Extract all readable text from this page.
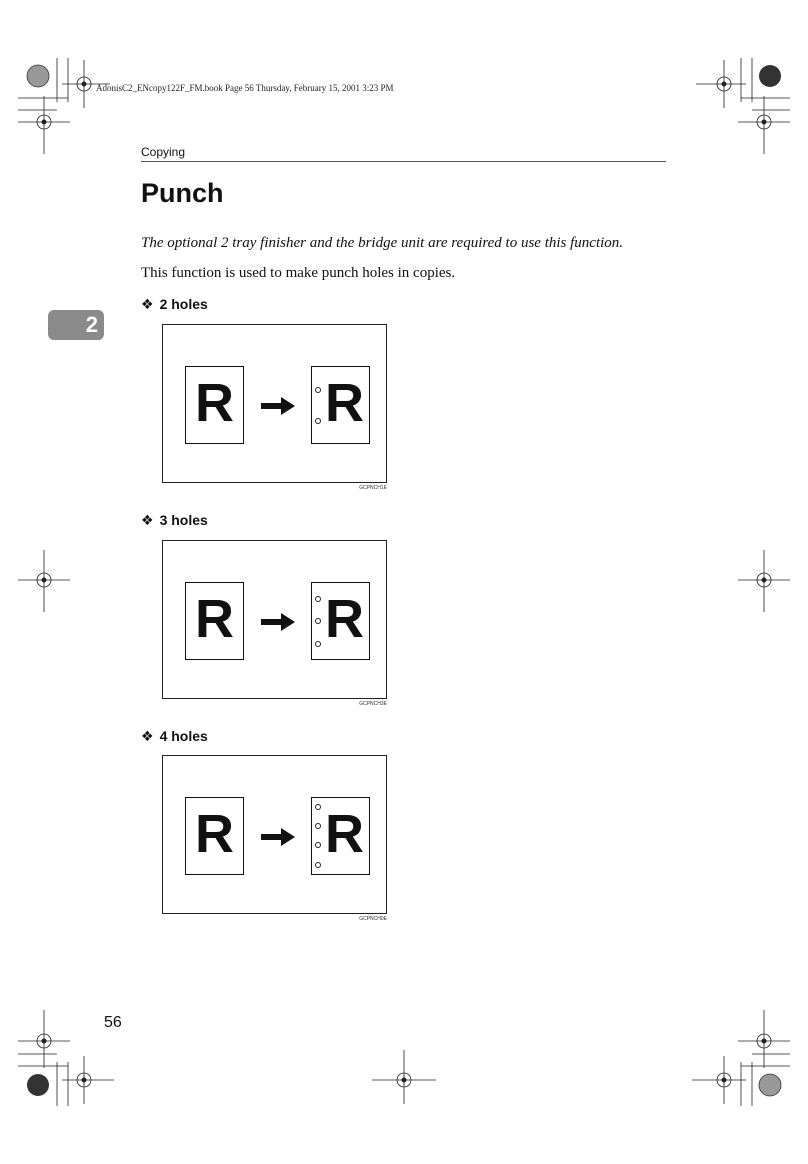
AdonisC2_ENcopy122F_FM.book Page 56 Thursday, February 15, 2001 3:23 PM
Copying
Punch
The optional 2 tray finisher and the bridge unit are required to use this function.
This function is used to make punch holes in copies.
2
❖ 2 holes
R R
GCPNCH1E
❖ 3 holes
R R
GCPNCH3E
❖ 4 holes
R R
GCPNCH0E
56
